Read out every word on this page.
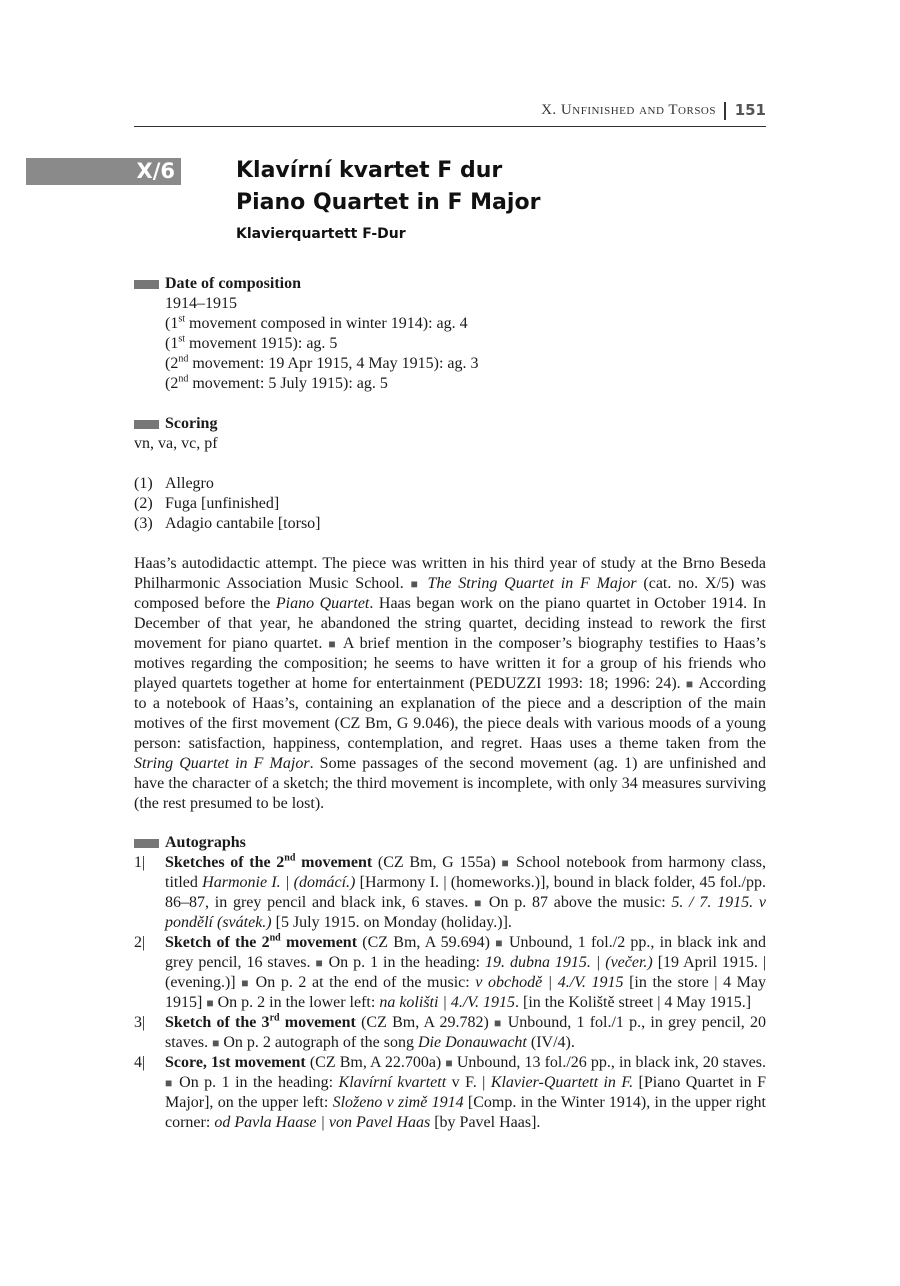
X. Unfinished and Torsos 151
X/6	Klavírní kvartet F dur
Piano Quartet in F Major
Klavierquartett F-Dur
Date of composition
1914–1915
(1st movement composed in winter 1914): ag. 4
(1st movement 1915): ag. 5
(2nd movement: 19 Apr 1915, 4 May 1915): ag. 3
(2nd movement: 5 July 1915): ag. 5
Scoring
vn, va, vc, pf
(1) Allegro
(2) Fuga [unfinished]
(3) Adagio cantabile [torso]
Haas’s autodidactic attempt. The piece was written in his third year of study at the Brno Beseda Philharmonic Association Music School. ■ The String Quartet in F Major (cat. no. X/5) was composed before the Piano Quartet. Haas began work on the piano quartet in October 1914. In December of that year, he abandoned the string quartet, deciding instead to rework the first movement for piano quartet. ■ A brief mention in the composer’s biography testifies to Haas’s motives regarding the composition; he seems to have written it for a group of his friends who played quartets together at home for entertainment (PEDUZZI 1993: 18; 1996: 24). ■ According to a notebook of Haas’s, containing an explanation of the piece and a description of the main motives of the first movement (CZ Bm, G 9.046), the piece deals with various moods of a young person: satisfaction, happiness, contemplation, and regret. Haas uses a theme taken from the String Quartet in F Major. Some passages of the second movement (ag. 1) are unfinished and have the character of a sketch; the third movement is incomplete, with only 34 measures surviving (the rest presumed to be lost).
Autographs
1|	Sketches of the 2nd movement (CZ Bm, G 155a) ■ School notebook from harmony class, titled Harmonie I. | (domácí.) [Harmony I. | (homeworks.)], bound in black folder, 45 fol./pp. 86–87, in grey pencil and black ink, 6 staves. ■ On p. 87 above the music: 5. / 7. 1915. v pondělí (svátek.) [5 July 1915. on Monday (holiday.)].
2|	Sketch of the 2nd movement (CZ Bm, A 59.694) ■ Unbound, 1 fol./2 pp., in black ink and grey pencil, 16 staves. ■ On p. 1 in the heading: 19. dubna 1915. | (večer.) [19 April 1915. | (evening.)] ■ On p. 2 at the end of the music: v obchodě | 4./V. 1915 [in the store | 4 May 1915] ■ On p. 2 in the lower left: na kolišti | 4./V. 1915. [in the Koliště street | 4 May 1915.]
3|	Sketch of the 3rd movement (CZ Bm, A 29.782) ■ Unbound, 1 fol./1 p., in grey pencil, 20 staves. ■ On p. 2 autograph of the song Die Donauwacht (IV/4).
4|	Score, 1st movement (CZ Bm, A 22.700a) ■ Unbound, 13 fol./26 pp., in black ink, 20 staves. ■ On p. 1 in the heading: Klavírní kvartett v F. | Klavier-Quartett in F. [Piano Quartet in F Major], on the upper left: Složeno v zimě 1914 [Comp. in the Winter 1914), in the upper right corner: od Pavla Haase | von Pavel Haas [by Pavel Haas].
